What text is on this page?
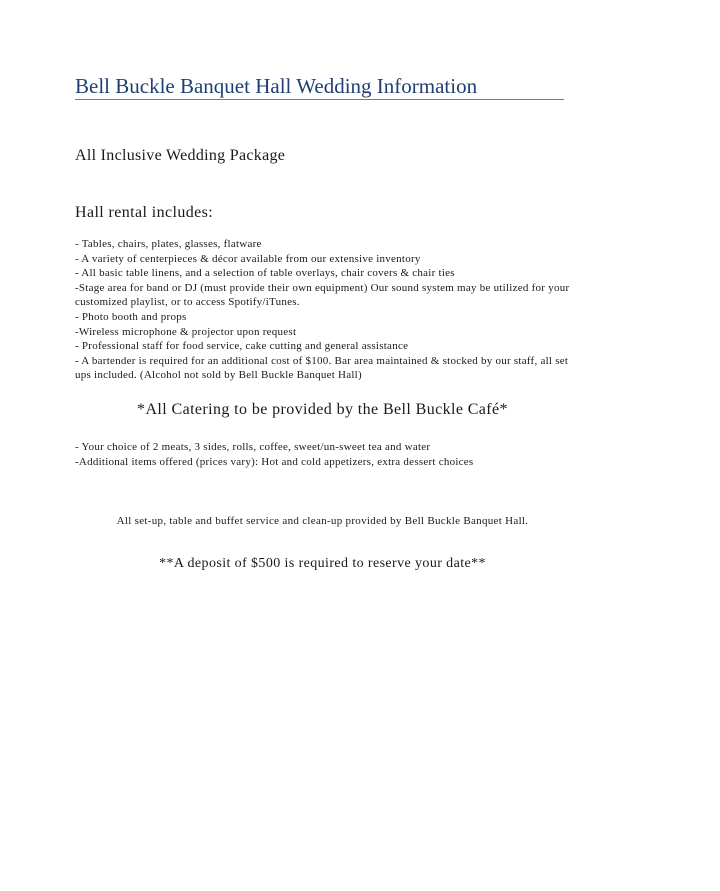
Bell Buckle Banquet Hall Wedding Information
All Inclusive Wedding Package
Hall rental includes:
- Tables, chairs, plates, glasses, flatware
- A variety of centerpieces & décor available from our extensive inventory
- All basic table linens, and a selection of table overlays, chair covers & chair ties
-Stage area for band or DJ (must provide their own equipment) Our sound system may be utilized for your customized playlist, or to access Spotify/iTunes.
- Photo booth and props
-Wireless microphone & projector upon request
- Professional staff for food service, cake cutting and general assistance
- A bartender is required for an additional cost of $100. Bar area maintained & stocked by our staff, all set ups included. (Alcohol not sold by Bell Buckle Banquet Hall)
*All Catering to be provided by the Bell Buckle Café*
- Your choice of 2 meats, 3 sides, rolls, coffee, sweet/un-sweet tea and water
-Additional items offered (prices vary): Hot and cold appetizers, extra dessert choices
All set-up, table and buffet service and clean-up provided by Bell Buckle Banquet Hall.
**A deposit of $500 is required to reserve your date**
